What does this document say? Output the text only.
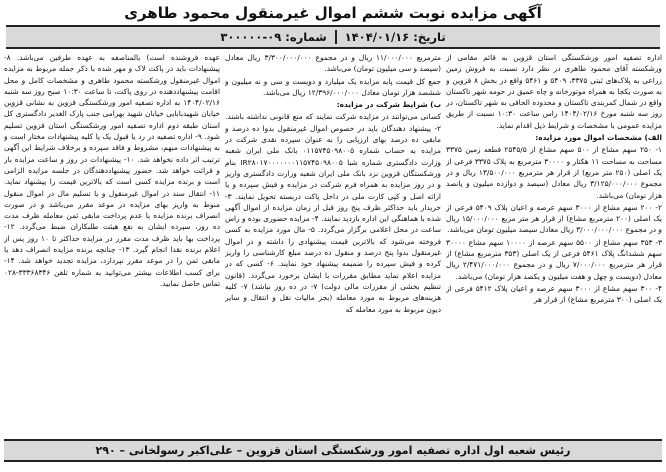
آگهی مزایده نوبت ششم اموال غیرمنقول محمود طاهری
تاریخ: ۱۴۰۴/۰۱/۱۶
شماره: ۰۹-۳۰۰۰۰۰

اداره تصفیه امور ورشکستگی استان قزوین به قائم مقامی از ورشکسته آقای محمود طاهری در نظر دارد نسبت به فروش زمین زراعی به پلاک‌های ثبتی ۳۳۷۵، ۵۴۰۹ و ۵۴۶۱ واقع در بخش ۸ قزوین و به صورت یکجا به همراه موتورخانه و چاه عمیق در حومه شهر تاکستان واقع در شمال کمربندی تاکستان و محدوده الحاقی به شهر تاکستان، در روز سه شنبه مورخ ۱۴۰۴/۰۲/۱۶ راس ساعت ۱۰:۳۰ نسبت از طریق مزایده عمومی با مشخصات و شرایط ذیل اقدام نماید.

الف) مشخصات اموال مورد مزایده:

۱- ۲۵۰ سهم مشاع از ۵۰۰ سهم مشاع از ۲۵۴۵/۵ قطعه زمین ۳۳۷۵ مساحت به مساحت ۱۱ هکتار و ۳۰۰۰۰ مترمربع به پلاک ۳۳۷۵ فرعی از یک اصلی (۲۵۰ متر مربع) از قرار هر مترمربع ۱۳/۵۰۰/۰۰۰ ریال و در مجموع ۳/۱۲۵/۰۰۰/۰۰۰ ریال معادل (سیصد و دوازده میلیون و پانصد هزار تومان) می‌باشد.

۲- ۲۰۰ سهم مشاع از ۳۰۰۰ سهم عرصه و اعیان پلاک ۵۴۰۹ فرعی از یک اصلی (۲۰۰ مترمربع مشاع) از قرار هر متر مربع ۱۵/۰۰۰/۰۰۰ ریال و در مجموع ۳/۰۰۰/۰۰۰/۰۰۰ ریال معادل سیصد میلیون تومان می‌باشد.

۳- ۳۵۳ سهم مشاع از ۵۵۰۰ سهم عرصه از ۱۰۰۰۰ سهم مشاع ۳۰۰۰۰ سهم ششدانگ پلاک ۵۴۶۱ فرعی از یک اصلی (۳۵۳ مترمربع مشاع) از قرار هر مترمربع ۷/۰۰۰/۰۰۰ ریال و در مجموع ۲/۴۷۱/۰۰۰/۰۰۰ ریال معادل (دویست و چهل و هفت میلیون و یکصد هزار تومان) می‌باشد.

۴- ۳۰۰ سهم مشاع از ۳۰۰۰ سهم عرصه و اعیان پلاک ۵۴۱۲ فرعی از یک اصلی (۳۰۰ مترمربع مشاع) از قرار هر

مترمربع ۱۱/۰۰۰/۰۰۰ ریال و در مجموع ۳/۳۰۰/۰۰۰/۰۰۰ ریال معادل (سیصد و سی میلیون تومان) می‌باشد.

جمع کل قیمت پایه مزایده یک میلیارد و دویست و سی و نه میلیون و ششصد هزار تومان معادل ۱۲/۳۹۶/۰۰۰/۰۰۰ ریال می‌باشد.

ب) شرایط شرکت در مزایده:

کسانی می‌توانند در مزایده شرکت نمایند که منع قانونی نداشته باشند. ۲- پیشنهاد دهندگان باید در خصوص اموال غیرمنقول بدوا ده درصد و مابقی ده درصد بهای ارزیابی را به عنوان سپرده نقدی شرکت در مزایده به حساب شماره ۰۱۱۵۷۴۵۰۹۸۰۰۵ بانک ملی ایران شعبه وزارت دادگستری شماره شبا IR۲۸۰۱۷۰۰۰۰۰۰۰۱۱۵۷۴۵۰۹۸۰۰۵ بنام ورشکستگان قزوین نزد بانک ملی ایران شعبه وزارت دادگستری واریز و در روز مزایده به همراه فرم شرکت در مزایده و فیش سپرده و یا ارائه اصل و کپی کارت ملی در داخل پاکت دربسته تحویل نمایند. ۳- خریدار باید حداکثر ظرف پنج روز قبل از زمان مزایده از اموال آگهی شده با هماهنگی این اداره بازدید نمایند. ۴- مزایده حضوری بوده و راس ساعت در محل اعلامی برگزار می‌گردد. ۵- مال مورد مزایده به کسی فروخته می‌شود که بالاترین قیمت پیشنهادی را داشته و در اموال غیرمنقول بدوا پنج درصد و منقول ده درصد مبلغ کارشناسی را واریز کرده و فیش سپرده را ضمیمه پیشنهاد خود نمایند. ۶- کسی که در مزایده اعلام نماید مطابق مقررات با ایشان برخورد می‌گردد. (قانون تنظیم بخشی از مقررات مالی دولت) ۷- در ده روز نباشد) ۷- کلیه هزینه‌های مربوط به مورد معامله (بجز مالیات نقل و انتقال و سایر دیون مربوط به مورد معامله که

عهده فروشنده است) بالمناصفه به عهده طرفین می‌باشد. ۸- پیشنهادات باید در پاکت لاک و مهر شده با ذکر جمله مربوط به مزایده اموال غیرمنقول ورشکسته محمود طاهری و مشخصات کامل و محل اقامت پیشنهاددهنده در روی پاکت، تا ساعت ۱۰:۳۰ صبح روز سه شنبه ۱۴۰۴/۰۲/۱۶ به اداره تصفیه امور ورشکستگی قزوین به نشانی قزوین خیابان شهیدبابایی خیابان شهید بهرامی جنب پارک الغدیر دادگستری کل استان طبقه دوم اداره تصفیه امور ورشکستگی استان قزوین تسلیم شود. ۹- اداره تصفیه در رد یا قبول یک یا کلیه پیشنهادات مختار است و به پیشنهادات مبهم، مشروط و فاقد سپرده و برخلاف شرایط این آگهی ترتیب اثر داده نخواهد شد. ۱۰- پیشنهادات در روز و ساعت مزایده باز و قرائت خواهد شد. حضور پیشنهاددهندگان در جلسه مزایده الزامی است و برنده مزایده کسی است که بالاترین قیمت را پیشنهاد نماید. ۱۱- انتقال سند در اموال غیرمنقول و یا تسلیم مال در اموال منقول منوط به واریز بهای مزایده در موعد مقرر می‌باشد و در صورت انصراف برنده مزایده یا عدم پرداخت مابقی ثمن معامله ظرف مدت ده روز، سپرده ایشان به نفع هیئت طلبکاران ضبط می‌گردد. ۱۲- پرداخت بها باید ظرف مدت مقرر در مزایده حداکثر تا ۱۰ روز پس از اعلام برنده نقدا انجام گیرد. ۱۳- چنانچه برنده مزایده انصراف دهد یا مابقی ثمن را در موعد مقرر نپردازد، مزایده تجدید خواهد شد. ۱۴- برای کسب اطلاعات بیشتر می‌توانید به شماره تلفن ۳۳۳۶۸۳۴۶-۰۲۸ تماس حاصل نمایید.

رئیس شعبه اول اداره تصفیه امور ورشکستگی استان قزوین – علی‌اکبر رسولخانی – ۲۹۰
